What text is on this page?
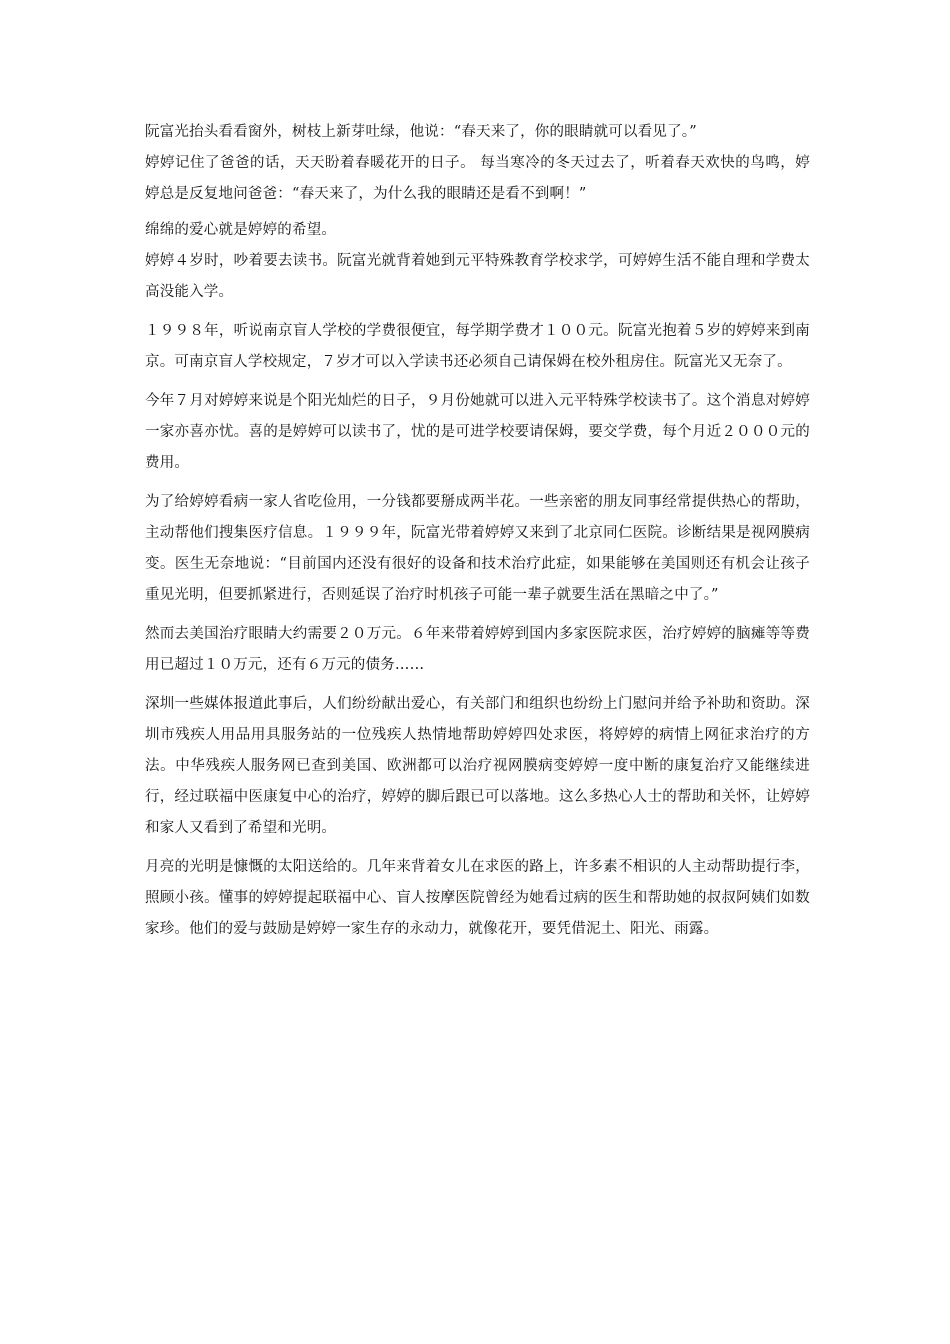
阮富光抬头看看窗外，树枝上新芽吐绿，他说：“春天来了，你的眼睛就可以看见了。”

婷婷记住了爸爸的话，天天盼着春暖花开的日子。 每当寒冷的冬天过去了，听着春天欢快的鸟鸣，婷婷总是反复地问爸爸：“春天来了，为什么我的眼睛还是看不到啊！”

绵绵的爱心就是婷婷的希望。

婷婷４岁时，吵着要去读书。阮富光就背着她到元平特殊教育学校求学，可婷婷生活不能自理和学费太高没能入学。

１９９８年，听说南京盲人学校的学费很便宜，每学期学费才１００元。阮富光抱着５岁的婷婷来到南京。可南京盲人学校规定，７岁才可以入学读书还必须自己请保姆在校外租房住。阮富光又无奈了。

今年７月对婷婷来说是个阳光灿烂的日子，９月份她就可以进入元平特殊学校读书了。这个消息对婷婷一家亦喜亦忧。喜的是婷婷可以读书了，忧的是可进学校要请保姆，要交学费，每个月近２０００元的费用。

为了给婷婷看病一家人省吃俭用，一分钱都要掰成两半花。一些亲密的朋友同事经常提供热心的帮助，主动帮他们搜集医疗信息。１９９９年，阮富光带着婷婷又来到了北京同仁医院。诊断结果是视网膜病变。医生无奈地说：“目前国内还没有很好的设备和技术治疗此症，如果能够在美国则还有机会让孩子重见光明，但要抓紧进行，否则延误了治疗时机孩子可能一辈子就要生活在黑暗之中了。”

然而去美国治疗眼睛大约需要２０万元。６年来带着婷婷到国内多家医院求医，治疗婷婷的脑瘫等等费用已超过１０万元，还有６万元的债务……

深圳一些媒体报道此事后，人们纷纷献出爱心，有关部门和组织也纷纷上门慰问并给予补助和资助。深圳市残疾人用品用具服务站的一位残疾人热情地帮助婷婷四处求医，将婷婷的病情上网征求治疗的方法。中华残疾人服务网已查到美国、欧洲都可以治疗视网膜病变婷婷一度中断的康复治疗又能继续进行，经过联福中医康复中心的治疗，婷婷的脚后跟已可以落地。这么多热心人士的帮助和关怀，让婷婷和家人又看到了希望和光明。

月亮的光明是慷慨的太阳送给的。几年来背着女儿在求医的路上，许多素不相识的人主动帮助提行李，照顾小孩。懂事的婷婷提起联福中心、盲人按摩医院曾经为她看过病的医生和帮助她的叔叔阿姨们如数家珍。他们的爱与鼓励是婷婷一家生存的永动力，就像花开，要凭借泥土、阳光、雨露。
